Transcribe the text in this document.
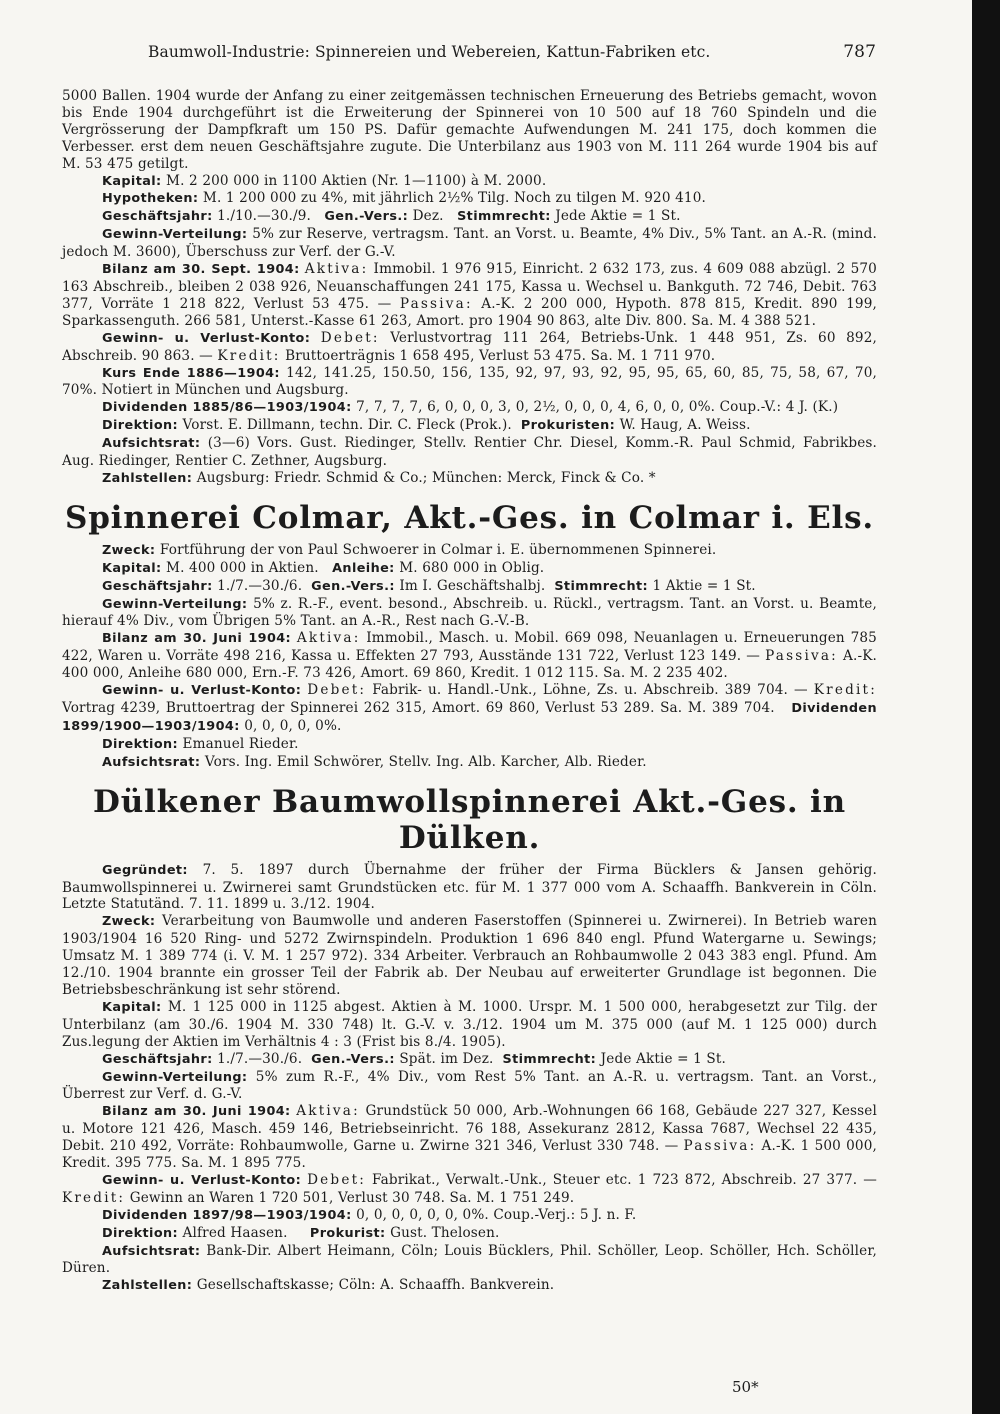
Baumwoll-Industrie: Spinnereien und Webereien, Kattun-Fabriken etc.	787

5000 Ballen. 1904 wurde der Anfang zu einer zeitgemässen technischen Erneuerung des Betriebs gemacht, wovon bis Ende 1904 durchgeführt ist die Erweiterung der Spinnerei von 10 500 auf 18 760 Spindeln und die Vergrösserung der Dampfkraft um 150 PS. Dafür gemachte Aufwendungen M. 241 175, doch kommen die Verbesser. erst dem neuen Geschäftsjahre zugute. Die Unterbilanz aus 1903 von M. 111 264 wurde 1904 bis auf M. 53 475 getilgt.

Kapital: M. 2 200 000 in 1100 Aktien (Nr. 1—1100) à M. 2000.

Hypotheken: M. 1 200 000 zu 4%, mit jährlich 2½% Tilg. Noch zu tilgen M. 920 410.

Geschäftsjahr: 1./10.—30./9. Gen.-Vers.: Dez. Stimmrecht: Jede Aktie = 1 St.

Gewinn-Verteilung: 5% zur Reserve, vertragsm. Tant. an Vorst. u. Beamte, 4% Div., 5% Tant. an A.-R. (mind. jedoch M. 3600), Überschuss zur Verf. der G.-V.

Bilanz am 30. Sept. 1904: Aktiva: Immobil. 1 976 915, Einricht. 2 632 173, zus. 4 609 088 abzügl. 2 570 163 Abschreib., bleiben 2 038 926, Neuanschaffungen 241 175, Kassa u. Wechsel u. Bankguth. 72 746, Debit. 763 377, Vorräte 1 218 822, Verlust 53 475. — Passiva: A.-K. 2 200 000, Hypoth. 878 815, Kredit. 890 199, Sparkassenguth. 266 581, Unterst.-Kasse 61 263, Amort. pro 1904 90 863, alte Div. 800. Sa. M. 4 388 521.

Gewinn- u. Verlust-Konto: Debet: Verlustvortrag 111 264, Betriebs-Unk. 1 448 951, Zs. 60 892, Abschreib. 90 863. — Kredit: Bruttoerträgnis 1 658 495, Verlust 53 475. Sa. M. 1 711 970.

Kurs Ende 1886—1904: 142, 141.25, 150.50, 156, 135, 92, 97, 93, 92, 95, 95, 65, 60, 85, 75, 58, 67, 70, 70%. Notiert in München und Augsburg.

Dividenden 1885/86—1903/1904: 7, 7, 7, 7, 6, 0, 0, 0, 3, 0, 2½, 0, 0, 0, 4, 6, 0, 0, 0%. Coup.-V.: 4 J. (K.)

Direktion: Vorst. E. Dillmann, techn. Dir. C. Fleck (Prok.). Prokuristen: W. Haug, A. Weiss.

Aufsichtsrat: (3—6) Vors. Gust. Riedinger, Stellv. Rentier Chr. Diesel, Komm.-R. Paul Schmid, Fabrikbes. Aug. Riedinger, Rentier C. Zethner, Augsburg.

Zahlstellen: Augsburg: Friedr. Schmid & Co.; München: Merck, Finck & Co. *

Spinnerei Colmar, Akt.-Ges. in Colmar i. Els.

Zweck: Fortführung der von Paul Schwoerer in Colmar i. E. übernommenen Spinnerei.

Kapital: M. 400 000 in Aktien. Anleihe: M. 680 000 in Oblig.

Geschäftsjahr: 1./7.—30./6. Gen.-Vers.: Im I. Geschäftshalbj. Stimmrecht: 1 Aktie = 1 St.

Gewinn-Verteilung: 5% z. R.-F., event. besond., Abschreib. u. Rückl., vertragsm. Tant. an Vorst. u. Beamte, hierauf 4% Div., vom Übrigen 5% Tant. an A.-R., Rest nach G.-V.-B.

Bilanz am 30. Juni 1904: Aktiva: Immobil., Masch. u. Mobil. 669 098, Neuanlagen u. Erneuerungen 785 422, Waren u. Vorräte 498 216, Kassa u. Effekten 27 793, Ausstände 131 722, Verlust 123 149. — Passiva: A.-K. 400 000, Anleihe 680 000, Ern.-F. 73 426, Amort. 69 860, Kredit. 1 012 115. Sa. M. 2 235 402.

Gewinn- u. Verlust-Konto: Debet: Fabrik- u. Handl.-Unk., Löhne, Zs. u. Abschreib. 389 704. — Kredit: Vortrag 4239, Bruttoertrag der Spinnerei 262 315, Amort. 69 860, Verlust 53 289. Sa. M. 389 704. Dividenden 1899/1900—1903/1904: 0, 0, 0, 0, 0%.

Direktion: Emanuel Rieder.

Aufsichtsrat: Vors. Ing. Emil Schwörer, Stellv. Ing. Alb. Karcher, Alb. Rieder.

Dülkener Baumwollspinnerei Akt.-Ges. in Dülken.

Gegründet: 7. 5. 1897 durch Übernahme der früher der Firma Bücklers & Jansen gehörig. Baumwollspinnerei u. Zwirnerei samt Grundstücken etc. für M. 1 377 000 vom A. Schaaffh. Bankverein in Cöln. Letzte Statutänd. 7. 11. 1899 u. 3./12. 1904.

Zweck: Verarbeitung von Baumwolle und anderen Faserstoffen (Spinnerei u. Zwirnerei). In Betrieb waren 1903/1904 16 520 Ring- und 5272 Zwirnspindeln. Produktion 1 696 840 engl. Pfund Watergarne u. Sewings; Umsatz M. 1 389 774 (i. V. M. 1 257 972). 334 Arbeiter. Verbrauch an Rohbaumwolle 2 043 383 engl. Pfund. Am 12./10. 1904 brannte ein grosser Teil der Fabrik ab. Der Neubau auf erweiterter Grundlage ist begonnen. Die Betriebsbeschränkung ist sehr störend.

Kapital: M. 1 125 000 in 1125 abgest. Aktien à M. 1000. Urspr. M. 1 500 000, herabgesetzt zur Tilg. der Unterbilanz (am 30./6. 1904 M. 330 748) lt. G.-V. v. 3./12. 1904 um M. 375 000 (auf M. 1 125 000) durch Zus.legung der Aktien im Verhältnis 4 : 3 (Frist bis 8./4. 1905).

Geschäftsjahr: 1./7.—30./6. Gen.-Vers.: Spät. im Dez. Stimmrecht: Jede Aktie = 1 St.

Gewinn-Verteilung: 5% zum R.-F., 4% Div., vom Rest 5% Tant. an A.-R. u. vertragsm. Tant. an Vorst., Überrest zur Verf. d. G.-V.

Bilanz am 30. Juni 1904: Aktiva: Grundstück 50 000, Arb.-Wohnungen 66 168, Gebäude 227 327, Kessel u. Motore 121 426, Masch. 459 146, Betriebseinricht. 76 188, Assekuranz 2812, Kassa 7687, Wechsel 22 435, Debit. 210 492, Vorräte: Rohbaumwolle, Garne u. Zwirne 321 346, Verlust 330 748. — Passiva: A.-K. 1 500 000, Kredit. 395 775. Sa. M. 1 895 775.

Gewinn- u. Verlust-Konto: Debet: Fabrikat., Verwalt.-Unk., Steuer etc. 1 723 872, Abschreib. 27 377. — Kredit: Gewinn an Waren 1 720 501, Verlust 30 748. Sa. M. 1 751 249.

Dividenden 1897/98—1903/1904: 0, 0, 0, 0, 0, 0, 0%. Coup.-Verj.: 5 J. n. F.

Direktion: Alfred Haasen. Prokurist: Gust. Thelosen.

Aufsichtsrat: Bank-Dir. Albert Heimann, Cöln; Louis Bücklers, Phil. Schöller, Leop. Schöller, Hch. Schöller, Düren.

Zahlstellen: Gesellschaftskasse; Cöln: A. Schaaffh. Bankverein.

50*
